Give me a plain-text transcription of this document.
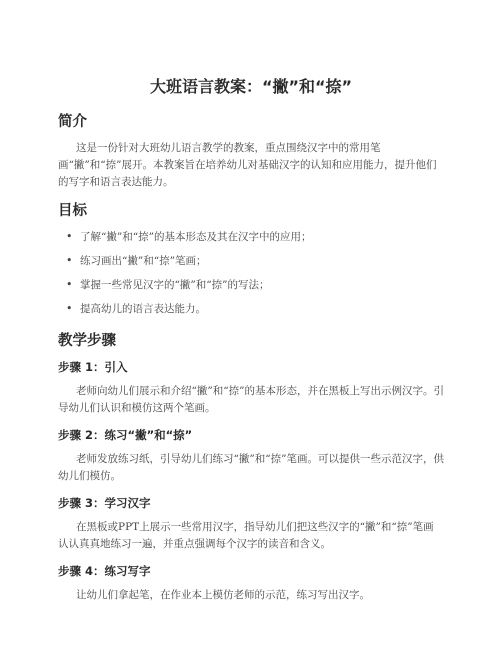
大班语言教案：“撇”和“捺”
简介

这是一份针对大班幼儿语言教学的教案，重点围绕汉字中的常用笔画“撇”和“捺”展开。本教案旨在培养幼儿对基础汉字的认知和应用能力，提升他们的写字和语言表达能力。

目标
• 了解“撇”和“捺”的基本形态及其在汉字中的应用；
• 练习画出“撇”和“捺”笔画；
• 掌握一些常见汉字的“撇”和“捺”的写法；
• 提高幼儿的语言表达能力。
教学步骤
步骤 1：引入

老师向幼儿们展示和介绍“撇”和“捺”的基本形态，并在黑板上写出示例汉字。引导幼儿们认识和模仿这两个笔画。

步骤 2：练习“撇”和“捺”

老师发放练习纸，引导幼儿们练习“撇”和“捺”笔画。可以提供一些示范汉字，供幼儿们模仿。

步骤 3：学习汉字

在黑板或PPT上展示一些常用汉字，指导幼儿们把这些汉字的“撇”和“捺”笔画认认真真地练习一遍，并重点强调每个汉字的读音和含义。

步骤 4：练习写字

让幼儿们拿起笔，在作业本上模仿老师的示范，练习写出汉字。
